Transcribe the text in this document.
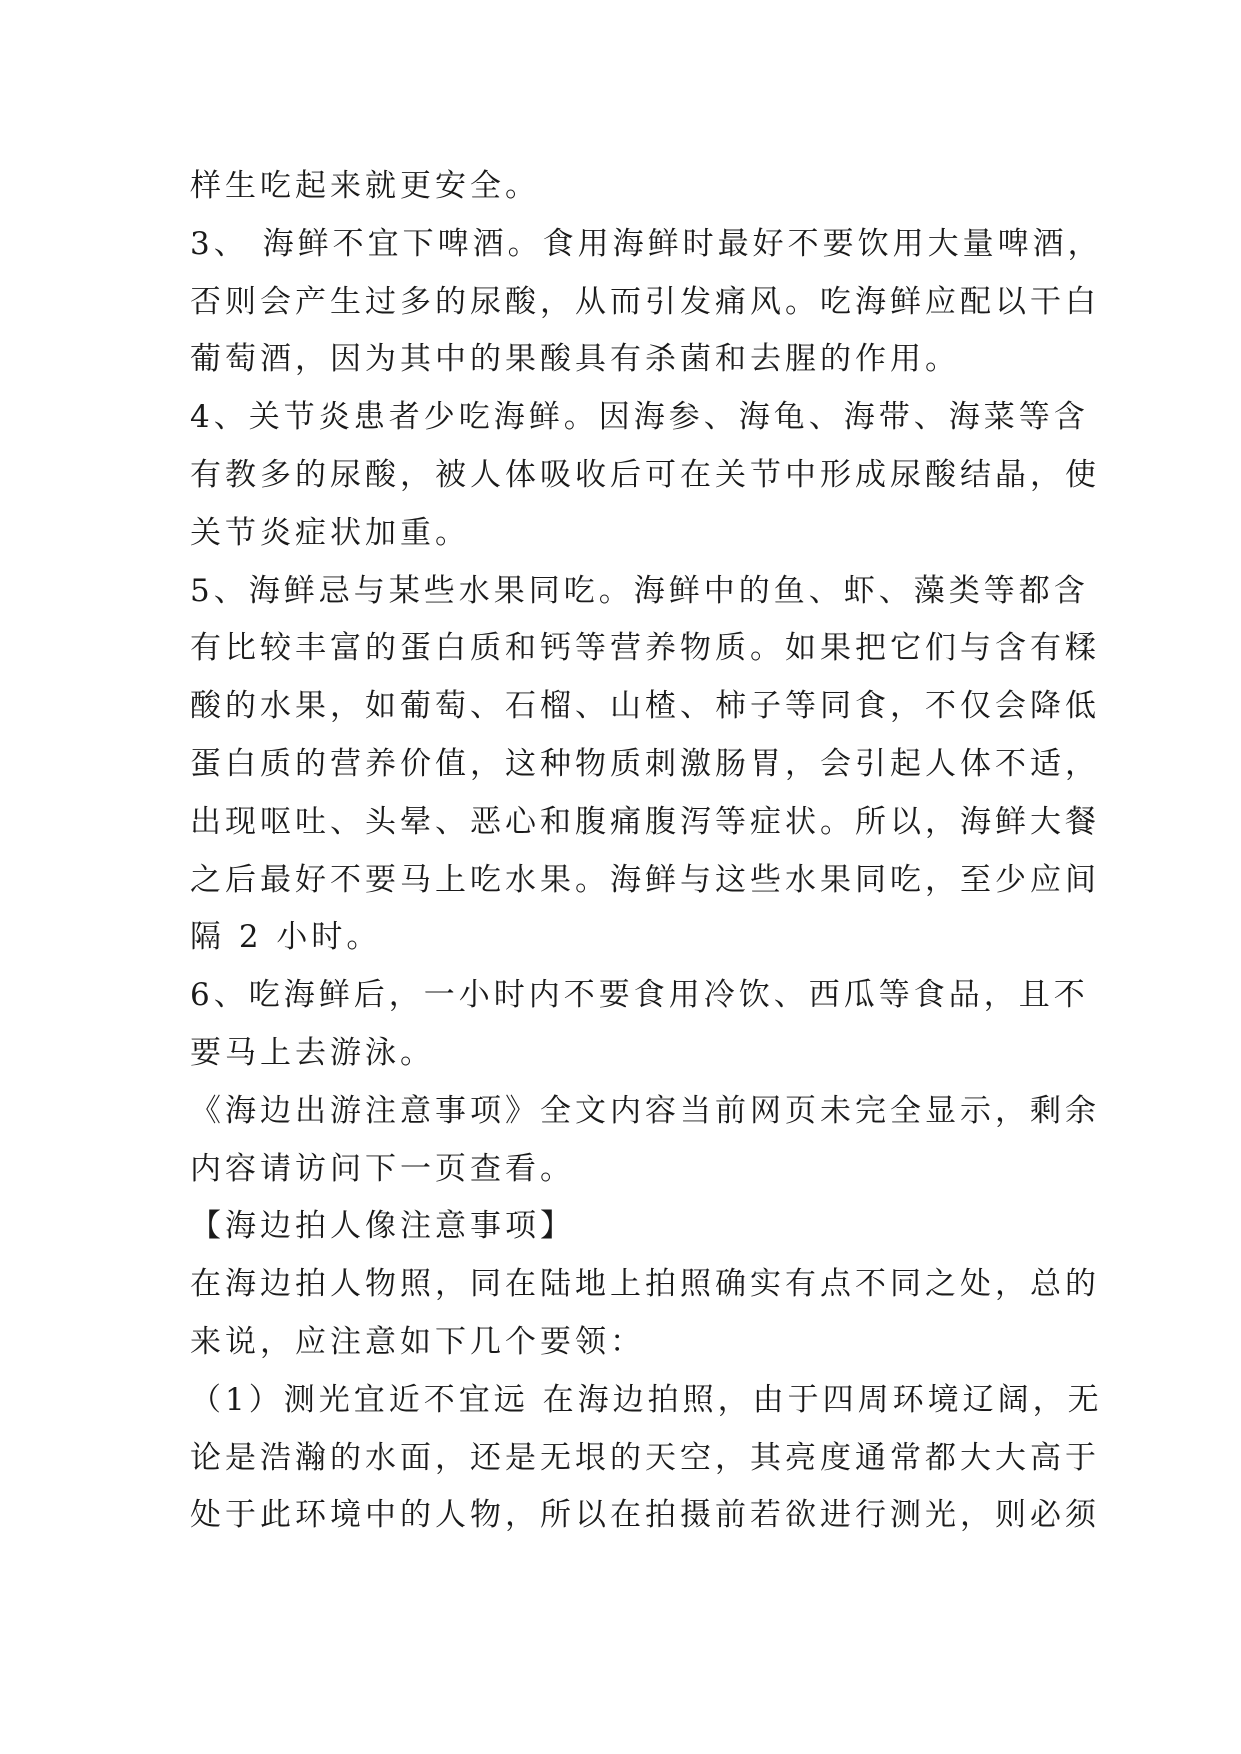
样生吃起来就更安全。
3、 海鲜不宜下啤酒。食用海鲜时最好不要饮用大量啤酒，
否则会产生过多的尿酸，从而引发痛风。吃海鲜应配以干白
葡萄酒，因为其中的果酸具有杀菌和去腥的作用。
4、关节炎患者少吃海鲜。因海参、海龟、海带、海菜等含
有教多的尿酸，被人体吸收后可在关节中形成尿酸结晶，使
关节炎症状加重。
5、海鲜忌与某些水果同吃。海鲜中的鱼、虾、藻类等都含
有比较丰富的蛋白质和钙等营养物质。如果把它们与含有糅
酸的水果，如葡萄、石榴、山楂、柿子等同食，不仅会降低
蛋白质的营养价值，这种物质刺激肠胃，会引起人体不适，
出现呕吐、头晕、恶心和腹痛腹泻等症状。所以，海鲜大餐
之后最好不要马上吃水果。海鲜与这些水果同吃，至少应间
隔 2 小时。
6、吃海鲜后，一小时内不要食用冷饮、西瓜等食品，且不
要马上去游泳。
《海边出游注意事项》全文内容当前网页未完全显示，剩余
内容请访问下一页查看。
【海边拍人像注意事项】
在海边拍人物照，同在陆地上拍照确实有点不同之处，总的
来说，应注意如下几个要领：
（1）测光宜近不宜远 在海边拍照，由于四周环境辽阔，无
论是浩瀚的水面，还是无垠的天空，其亮度通常都大大高于
处于此环境中的人物，所以在拍摄前若欲进行测光，则必须
